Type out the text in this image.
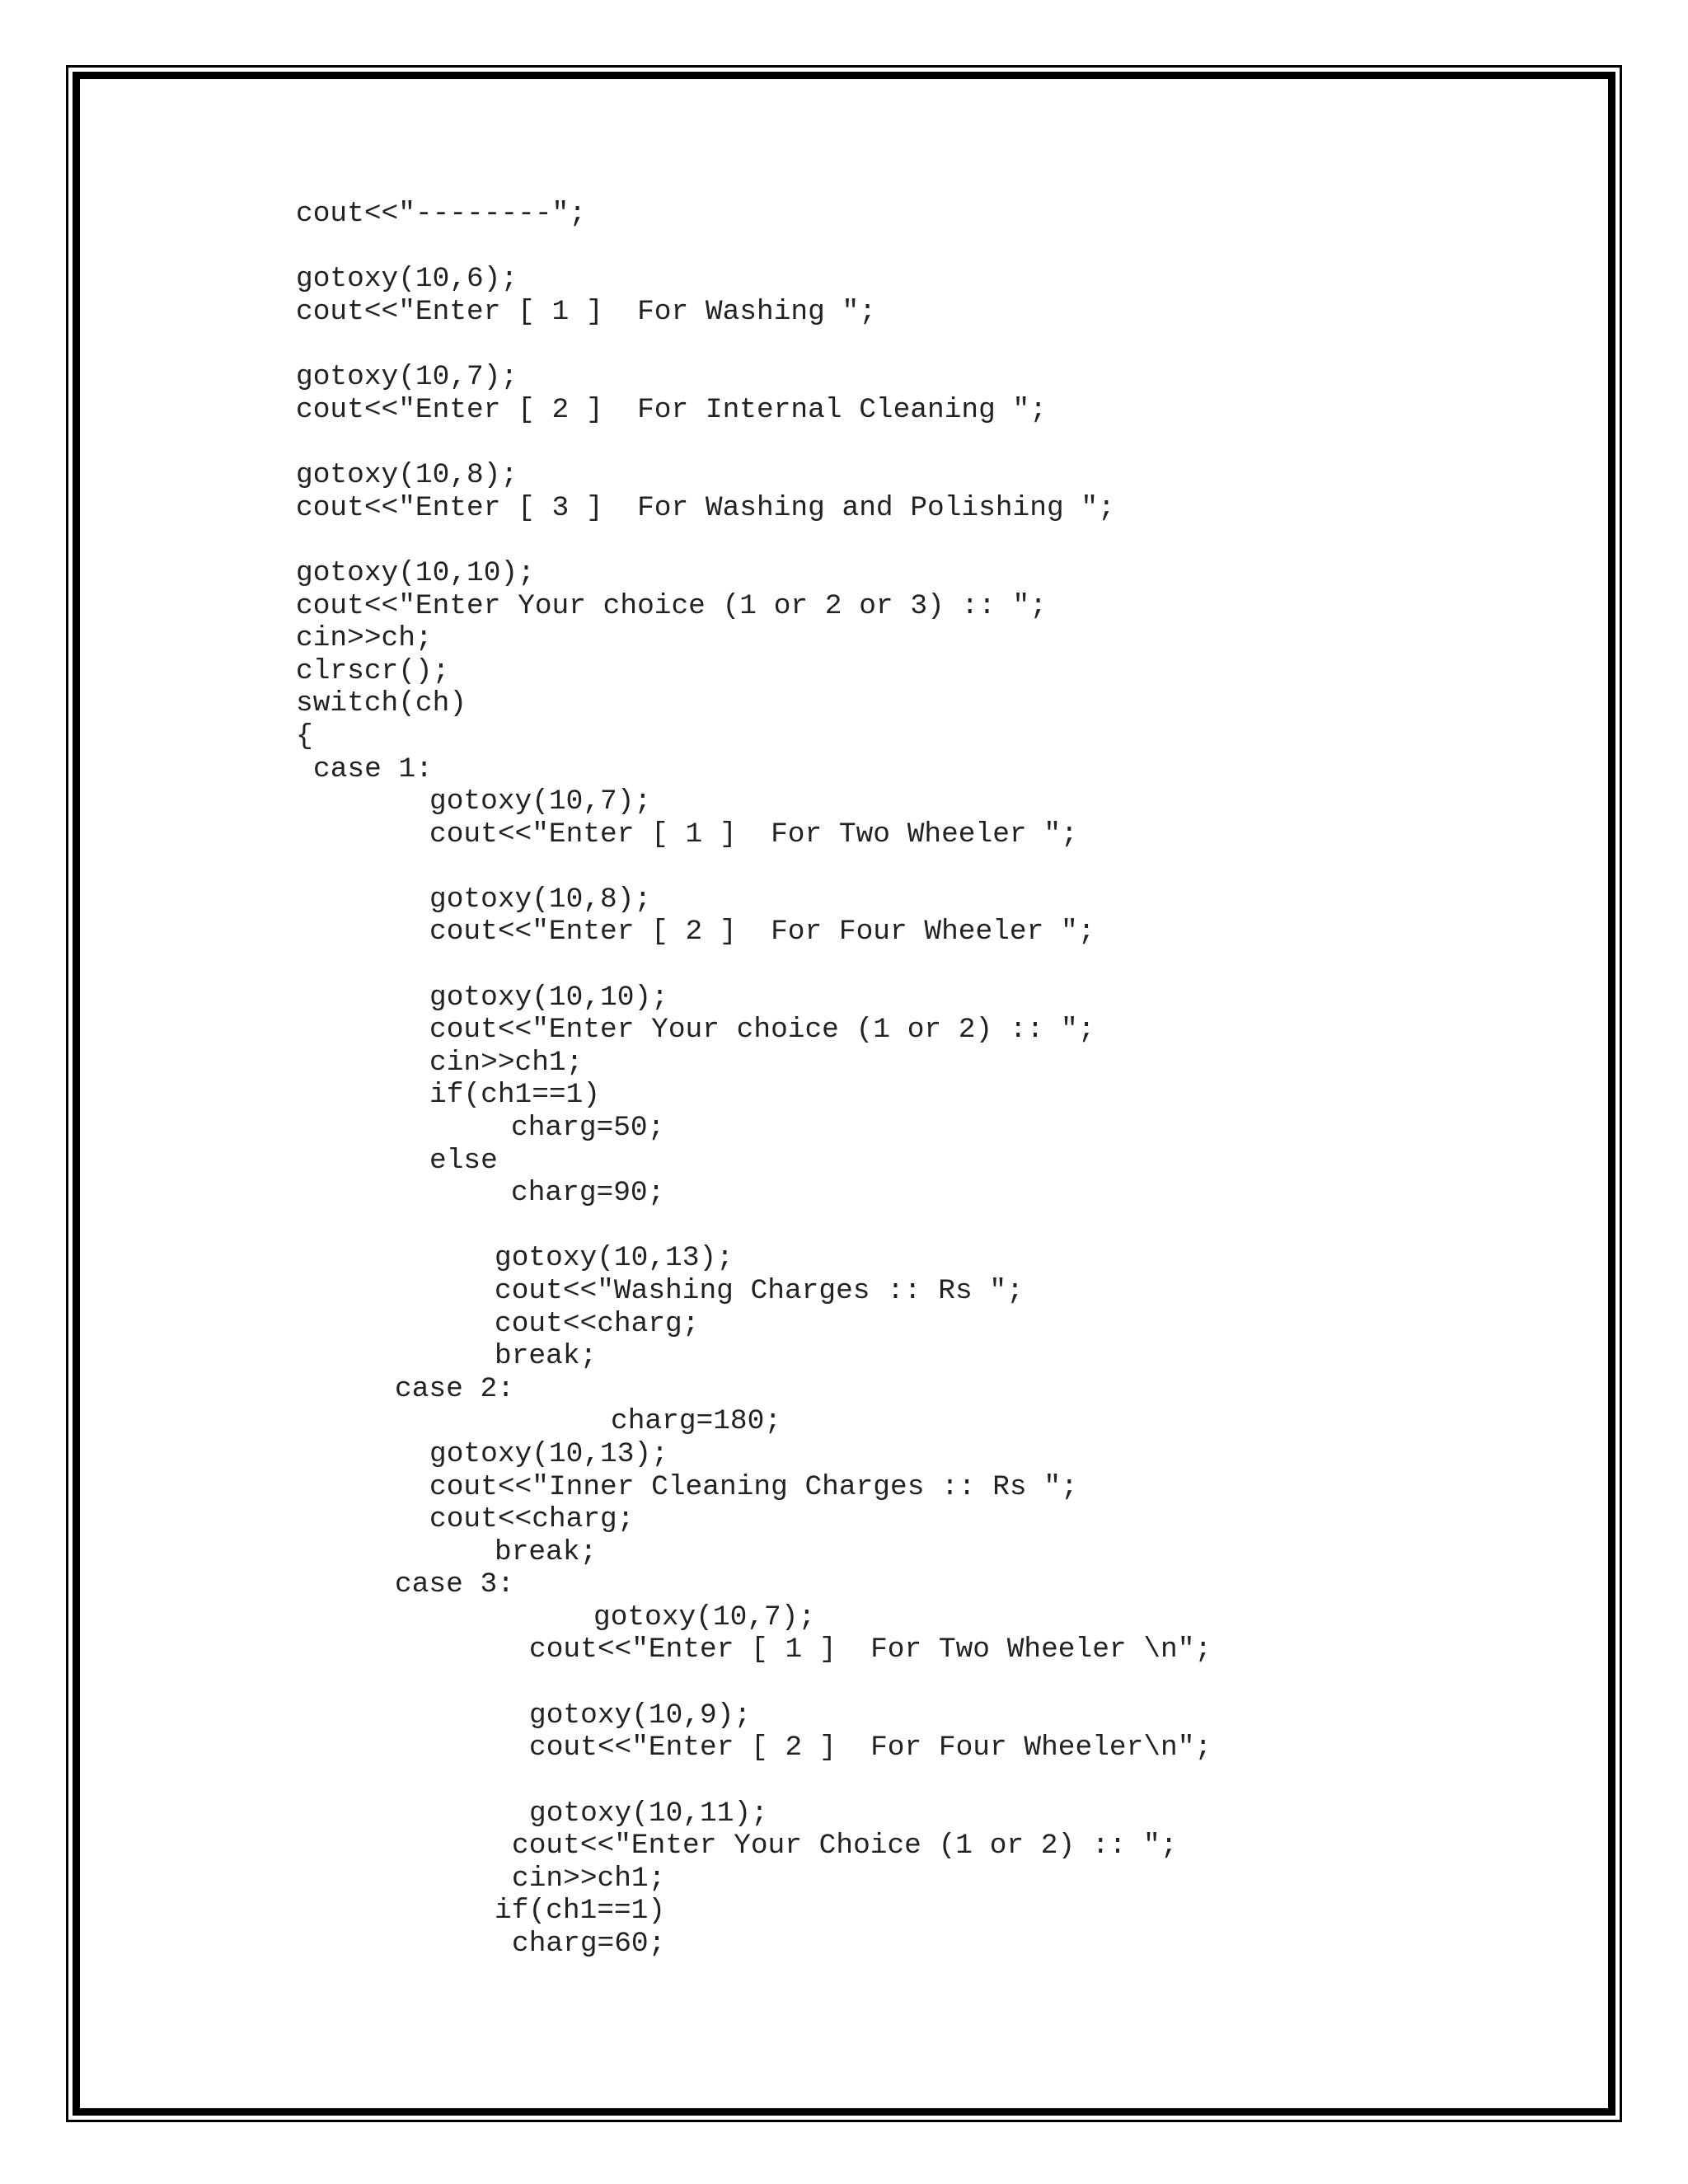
cout<<"--------";
gotoxy(10,6);
cout<<"Enter [ 1 ]  For Washing ";
gotoxy(10,7);
cout<<"Enter [ 2 ]  For Internal Cleaning ";
gotoxy(10,8);
cout<<"Enter [ 3 ]  For Washing and Polishing ";
gotoxy(10,10);
cout<<"Enter Your choice (1 or 2 or 3) :: ";
cin>>ch;
clrscr();
switch(ch)
{
case 1:
gotoxy(10,7);
cout<<"Enter [ 1 ]  For Two Wheeler ";
gotoxy(10,8);
cout<<"Enter [ 2 ]  For Four Wheeler ";
gotoxy(10,10);
cout<<"Enter Your choice (1 or 2) :: ";
cin>>ch1;
if(ch1==1)
charg=50;
else
charg=90;
gotoxy(10,13);
cout<<"Washing Charges :: Rs ";
cout<<charg;
break;
case 2:
charg=180;
gotoxy(10,13);
cout<<"Inner Cleaning Charges :: Rs ";
cout<<charg;
break;
case 3:
gotoxy(10,7);
cout<<"Enter [ 1 ]  For Two Wheeler \n";
gotoxy(10,9);
cout<<"Enter [ 2 ]  For Four Wheeler\n";
gotoxy(10,11);
cout<<"Enter Your Choice (1 or 2) :: ";
cin>>ch1;
if(ch1==1)
charg=60;
